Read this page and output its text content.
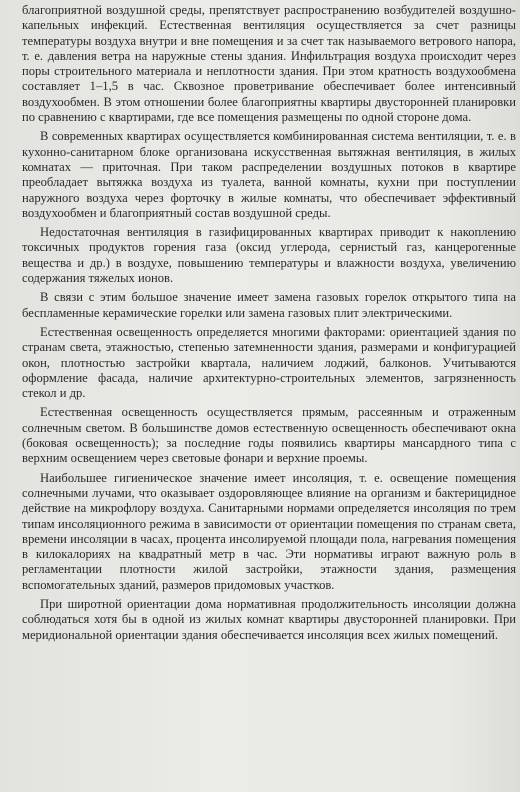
благоприятной воздушной среды, препятствует распространению возбудителей воздушно-капельных инфекций. Естественная вентиляция осуществляется за счет разницы температуры воздуха внутри и вне помещения и за счет так называемого ветрового напора, т. е. давления ветра на наружные стены здания. Инфильтрация воздуха происходит через поры строительного материала и неплотности здания. При этом кратность воздухообмена составляет 1–1,5 в час. Сквозное проветривание обеспечивает более интенсивный воздухообмен. В этом отношении более благоприятны квартиры двусторонней планировки по сравнению с квартирами, где все помещения размещены по одной стороне дома.

В современных квартирах осуществляется комбинированная система вентиляции, т. е. в кухонно-санитарном блоке организована искусственная вытяжная вентиляция, в жилых комнатах — приточная. При таком распределении воздушных потоков в квартире преобладает вытяжка воздуха из туалета, ванной комнаты, кухни при поступлении наружного воздуха через форточку в жилые комнаты, что обеспечивает эффективный воздухообмен и благоприятный состав воздушной среды.

Недостаточная вентиляция в газифицированных квартирах приводит к накоплению токсичных продуктов горения газа (оксид углерода, сернистый газ, канцерогенные вещества и др.) в воздухе, повышению температуры и влажности воздуха, увеличению содержания тяжелых ионов.

В связи с этим большое значение имеет замена газовых горелок открытого типа на беспламенные керамические горелки или замена газовых плит электрическими.

Естественная освещенность определяется многими факторами: ориентацией здания по странам света, этажностью, степенью затемненности здания, размерами и конфигурацией окон, плотностью застройки квартала, наличием лоджий, балконов. Учитываются оформление фасада, наличие архитектурно-строительных элементов, загрязненность стекол и др.

Естественная освещенность осуществляется прямым, рассеянным и отраженным солнечным светом. В большинстве домов естественную освещенность обеспечивают окна (боковая освещенность); за последние годы появились квартиры мансардного типа с верхним освещением через световые фонари и верхние проемы.

Наибольшее гигиеническое значение имеет инсоляция, т. е. освещение помещения солнечными лучами, что оказывает оздоровляющее влияние на организм и бактерицидное действие на микрофлору воздуха. Санитарными нормами определяется инсоляция по трем типам инсоляционного режима в зависимости от ориентации помещения по странам света, времени инсоляции в часах, процента инсолируемой площади пола, нагревания помещения в килокалориях на квадратный метр в час. Эти нормативы играют важную роль в регламентации плотности жилой застройки, этажности здания, размещения вспомогательных зданий, размеров придомовых участков.

При широтной ориентации дома нормативная продолжительность инсоляции должна соблюдаться хотя бы в одной из жилых комнат квартиры двусторонней планировки. При меридиональной ориентации здания обеспечивается инсоляция всех жилых помещений.
